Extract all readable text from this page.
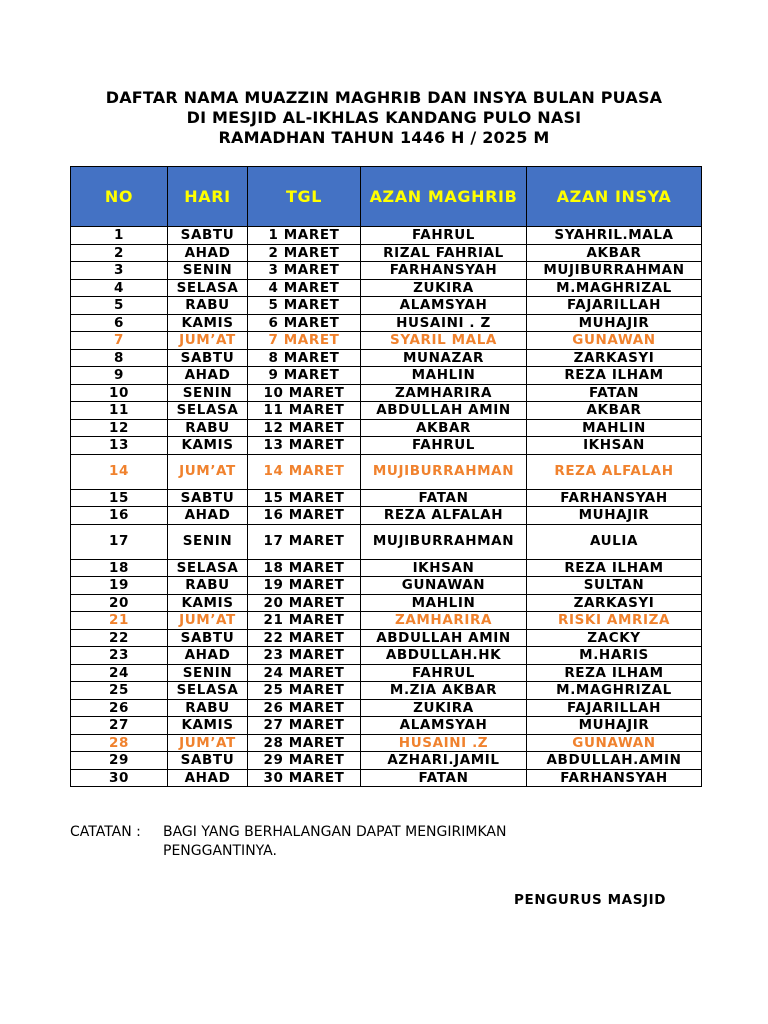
DAFTAR NAMA MUAZZIN MAGHRIB DAN INSYA BULAN PUASA
DI MESJID AL-IKHLAS KANDANG PULO NASI
RAMADHAN TAHUN 1446 H / 2025 M
NO	HARI	TGL	AZAN MAGHRIB	AZAN INSYA
1	SABTU	1 MARET	FAHRUL	SYAHRIL.MALA
2	AHAD	2 MARET	RIZAL FAHRIAL	AKBAR
3	SENIN	3 MARET	FARHANSYAH	MUJIBURRAHMAN
4	SELASA	4 MARET	ZUKIRA	M.MAGHRIZAL
5	RABU	5 MARET	ALAMSYAH	FAJARILLAH
6	KAMIS	6 MARET	HUSAINI . Z	MUHAJIR
7	JUM’AT	7 MARET	SYARIL MALA	GUNAWAN
8	SABTU	8 MARET	MUNAZAR	ZARKASYI
9	AHAD	9 MARET	MAHLIN	REZA ILHAM
10	SENIN	10 MARET	ZAMHARIRA	FATAN
11	SELASA	11 MARET	ABDULLAH AMIN	AKBAR
12	RABU	12 MARET	AKBAR	MAHLIN
13	KAMIS	13 MARET	FAHRUL	IKHSAN
14	JUM’AT	14 MARET	MUJIBURRAHMAN	REZA ALFALAH
15	SABTU	15 MARET	FATAN	FARHANSYAH
16	AHAD	16 MARET	REZA ALFALAH	MUHAJIR
17	SENIN	17 MARET	MUJIBURRAHMAN	AULIA
18	SELASA	18 MARET	IKHSAN	REZA ILHAM
19	RABU	19 MARET	GUNAWAN	SULTAN
20	KAMIS	20 MARET	MAHLIN	ZARKASYI
21	JUM’AT	21 MARET	ZAMHARIRA	RISKI AMRIZA
22	SABTU	22 MARET	ABDULLAH AMIN	ZACKY
23	AHAD	23 MARET	ABDULLAH.HK	M.HARIS
24	SENIN	24 MARET	FAHRUL	REZA ILHAM
25	SELASA	25 MARET	M.ZIA AKBAR	M.MAGHRIZAL
26	RABU	26 MARET	ZUKIRA	FAJARILLAH
27	KAMIS	27 MARET	ALAMSYAH	MUHAJIR
28	JUM’AT	28 MARET	HUSAINI .Z	GUNAWAN
29	SABTU	29 MARET	AZHARI.JAMIL	ABDULLAH.AMIN
30	AHAD	30 MARET	FATAN	FARHANSYAH
CATATAN : BAGI YANG BERHALANGAN DAPAT MENGIRIMKAN PENGGANTINYA.
PENGURUS MASJID
